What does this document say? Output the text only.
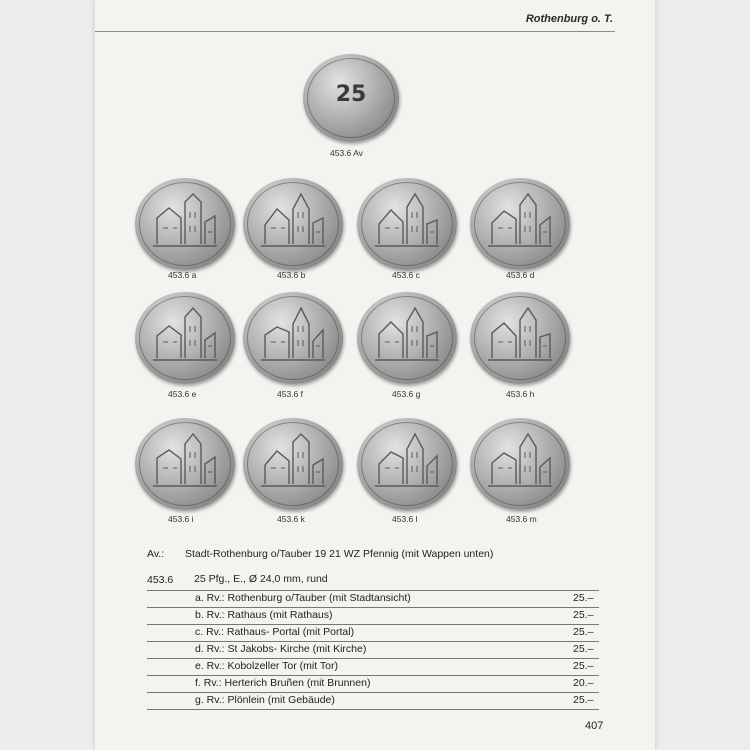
Rothenburg o. T.
25
453.6 Av
Av.: Stadt-Rothenburg o/Tauber 19 21 WZ Pfennig (mit Wappen unten)
453.6 25 Pfg., E., Ø 24,0 mm, rund
407
453.6 a	453.6 b	453.6 c	453.6 d
453.6 e	453.6 f	453.6 g	453.6 h
453.6 i	453.6 k	453.6 l	453.6 m
a. Rv.: Rothenburg o/Tauber (mit Stadtansicht)	25.–
b. Rv.: Rathaus (mit Rathaus)	25.–
c. Rv.: Rathaus- Portal (mit Portal)	25.–
d. Rv.: St Jakobs- Kirche (mit Kirche)	25.–
e. Rv.: Kobolzeller Tor (mit Tor)	25.–
f. Rv.: Herterich Bruñen (mit Brunnen)	20.–
g. Rv.: Plönlein (mit Gebäude)	25.–
